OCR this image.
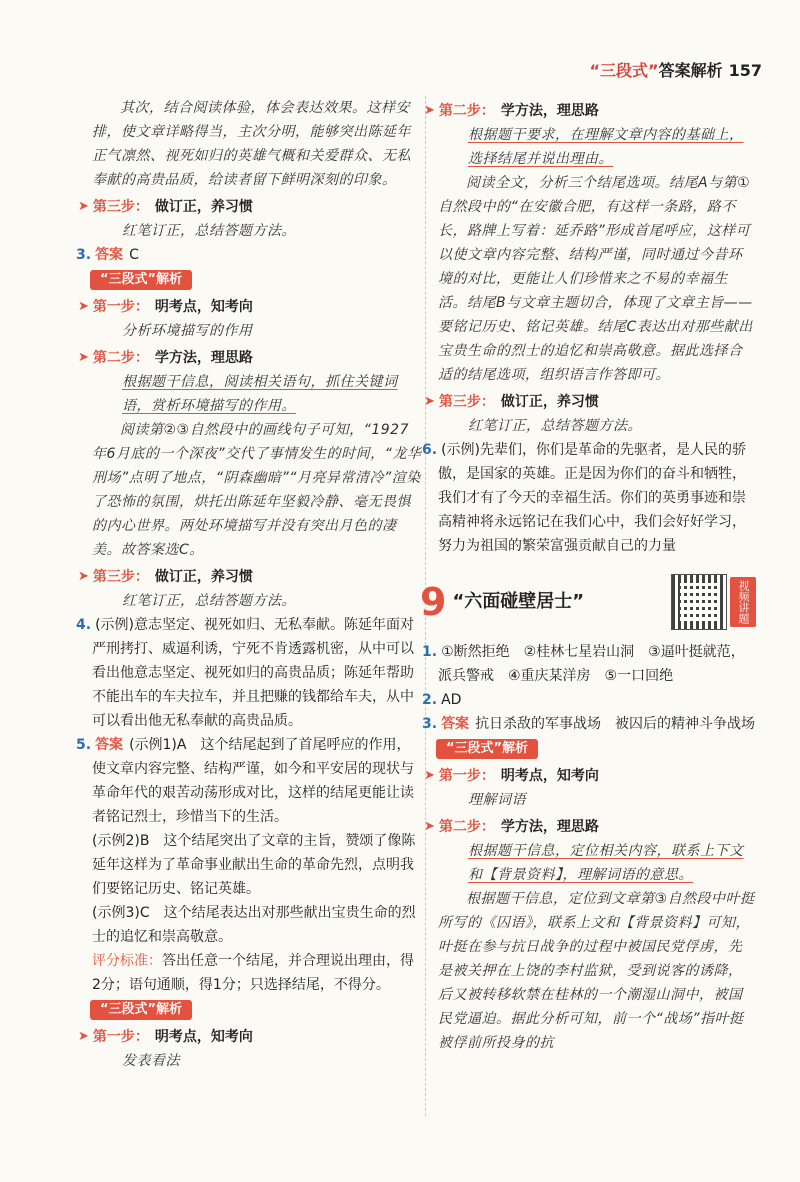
“三段式”答案解析 157

其次，结合阅读体验，体会表达效果。这样安排，使文章详略得当，主次分明，能够突出陈延年正气凛然、视死如归的英雄气概和关爱群众、无私奉献的高贵品质，给读者留下鲜明深刻的印象。

➤ 第三步： 做订正，养习惯
红笔订正，总结答题方法。
3. 答案 C
“三段式”解析
➤ 第一步： 明考点，知考向
分析环境描写的作用
➤ 第二步： 学方法，理思路
根据题干信息，阅读相关语句，抓住关键词语，赏析环境描写的作用。

阅读第②③自然段中的画线句子可知，“1927年6月底的一个深夜”交代了事情发生的时间，“龙华刑场”点明了地点，“阴森幽暗”“月亮异常清冷”渲染了恐怖的氛围，烘托出陈延年坚毅冷静、毫无畏惧的内心世界。两处环境描写并没有突出月色的凄美。故答案选C。

➤ 第三步： 做订正，养习惯
红笔订正，总结答题方法。
4. (示例)意志坚定、视死如归、无私奉献。陈延年面对严刑拷打、威逼利诱，宁死不肯透露机密，从中可以看出他意志坚定、视死如归的高贵品质；陈延年帮助不能出车的车夫拉车，并且把赚的钱都给车夫，从中可以看出他无私奉献的高贵品质。
5. 答案 (示例1)A　这个结尾起到了首尾呼应的作用，使文章内容完整、结构严谨，如今和平安居的现状与革命年代的艰苦动荡形成对比，这样的结尾更能让读者铭记烈士，珍惜当下的生活。
(示例2)B　这个结尾突出了文章的主旨，赞颂了像陈延年这样为了革命事业献出生命的革命先烈，点明我们要铭记历史、铭记英雄。
(示例3)C　这个结尾表达出对那些献出宝贵生命的烈士的追忆和崇高敬意。
评分标准：答出任意一个结尾，并合理说出理由，得2分；语句通顺，得1分；只选择结尾，不得分。
“三段式”解析
➤ 第一步： 明考点，知考向
发表看法
➤ 第二步： 学方法，理思路
根据题干要求，在理解文章内容的基础上，选择结尾并说出理由。

阅读全文，分析三个结尾选项。结尾A与第①自然段中的“在安徽合肥，有这样一条路，路不长，路牌上写着：延乔路”形成首尾呼应，这样可以使文章内容完整、结构严谨，同时通过今昔环境的对比，更能让人们珍惜来之不易的幸福生活。结尾B与文章主题切合，体现了文章主旨——要铭记历史、铭记英雄。结尾C表达出对那些献出宝贵生命的烈士的追忆和崇高敬意。据此选择合适的结尾选项，组织语言作答即可。

➤ 第三步： 做订正，养习惯
红笔订正，总结答题方法。
6. (示例)先辈们，你们是革命的先驱者，是人民的骄傲，是国家的英雄。正是因为你们的奋斗和牺牲，我们才有了今天的幸福生活。你们的英勇事迹和崇高精神将永远铭记在我们心中，我们会好好学习，努力为祖国的繁荣富强贡献自己的力量
9 “六面碰壁居士”	视频讲题
1. ①断然拒绝　②桂林七星岩山洞　③逼叶挺就范，派兵警戒　④重庆某洋房　⑤一口回绝
2. AD
3. 答案 抗日杀敌的军事战场　被囚后的精神斗争战场
“三段式”解析
➤ 第一步： 明考点，知考向
理解词语
➤ 第二步： 学方法，理思路
根据题干信息，定位相关内容，联系上下文和【背景资料】，理解词语的意思。

根据题干信息，定位到文章第③自然段中叶挺所写的《囚语》，联系上文和【背景资料】可知，叶挺在参与抗日战争的过程中被国民党俘虏，先是被关押在上饶的李村监狱，受到说客的诱降，后又被转移软禁在桂林的一个潮湿山洞中，被国民党逼迫。据此分析可知，前一个“战场”指叶挺被俘前所投身的抗
